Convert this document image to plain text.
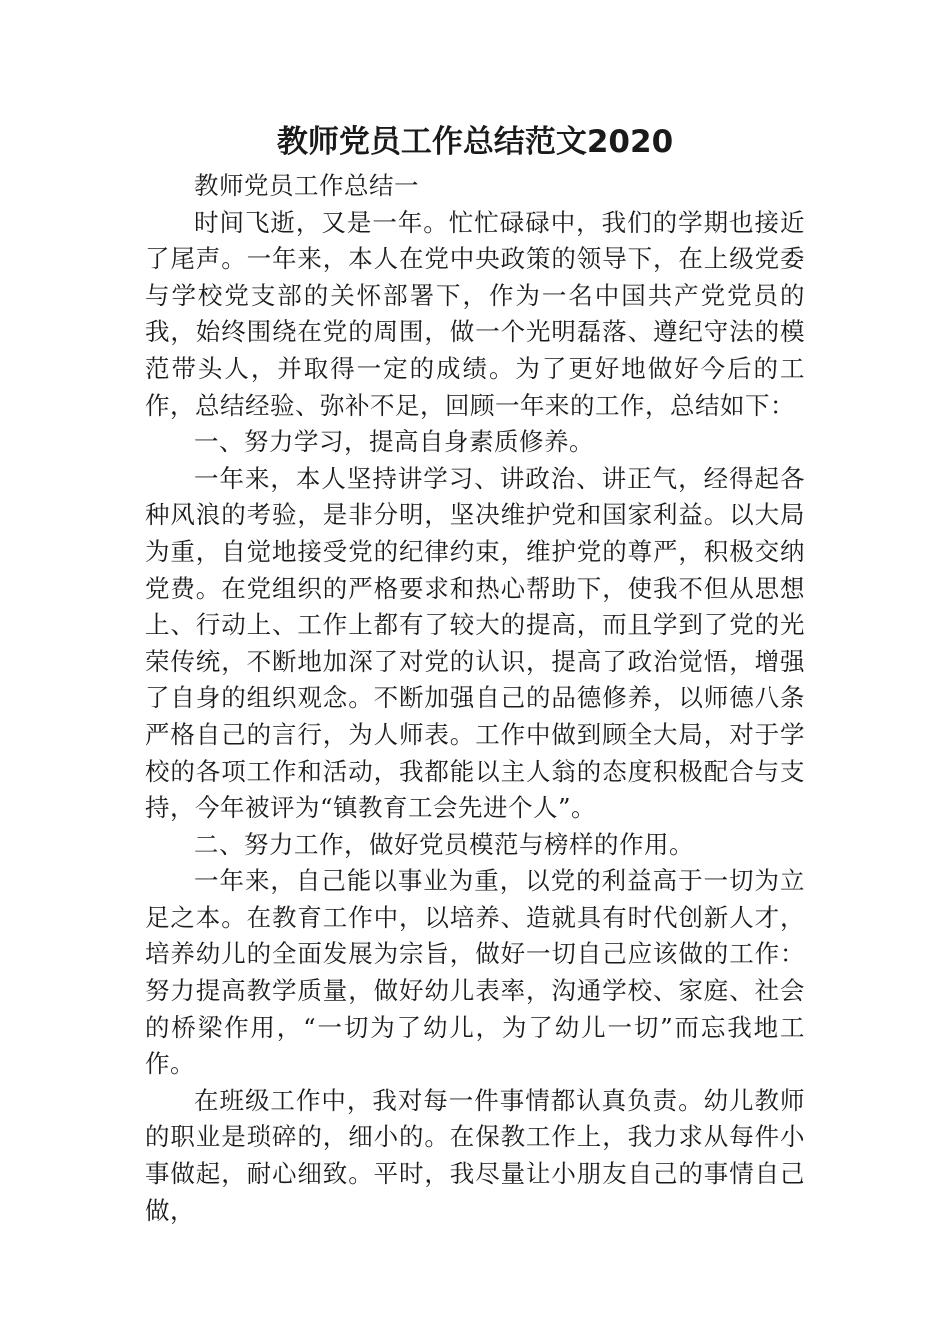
教师党员工作总结范文2020

教师党员工作总结一

时间飞逝，又是一年。忙忙碌碌中，我们的学期也接近了尾声。一年来，本人在党中央政策的领导下，在上级党委与学校党支部的关怀部署下，作为一名中国共产党党员的我，始终围绕在党的周围，做一个光明磊落、遵纪守法的模范带头人，并取得一定的成绩。为了更好地做好今后的工作，总结经验、弥补不足，回顾一年来的工作，总结如下：

一、努力学习，提高自身素质修养。

一年来，本人坚持讲学习、讲政治、讲正气，经得起各种风浪的考验，是非分明，坚决维护党和国家利益。以大局为重，自觉地接受党的纪律约束，维护党的尊严，积极交纳党费。在党组织的严格要求和热心帮助下，使我不但从思想上、行动上、工作上都有了较大的提高，而且学到了党的光荣传统，不断地加深了对党的认识，提高了政治觉悟，增强了自身的组织观念。不断加强自己的品德修养，以师德八条严格自己的言行，为人师表。工作中做到顾全大局，对于学校的各项工作和活动，我都能以主人翁的态度积极配合与支持，今年被评为“镇教育工会先进个人”。

二、努力工作，做好党员模范与榜样的作用。

一年来，自己能以事业为重，以党的利益高于一切为立足之本。在教育工作中，以培养、造就具有时代创新人才，培养幼儿的全面发展为宗旨，做好一切自己应该做的工作：努力提高教学质量，做好幼儿表率，沟通学校、家庭、社会的桥梁作用，“一切为了幼儿，为了幼儿一切”而忘我地工作。

在班级工作中，我对每一件事情都认真负责。幼儿教师的职业是琐碎的，细小的。在保教工作上，我力求从每件小事做起，耐心细致。平时，我尽量让小朋友自己的事情自己做，
